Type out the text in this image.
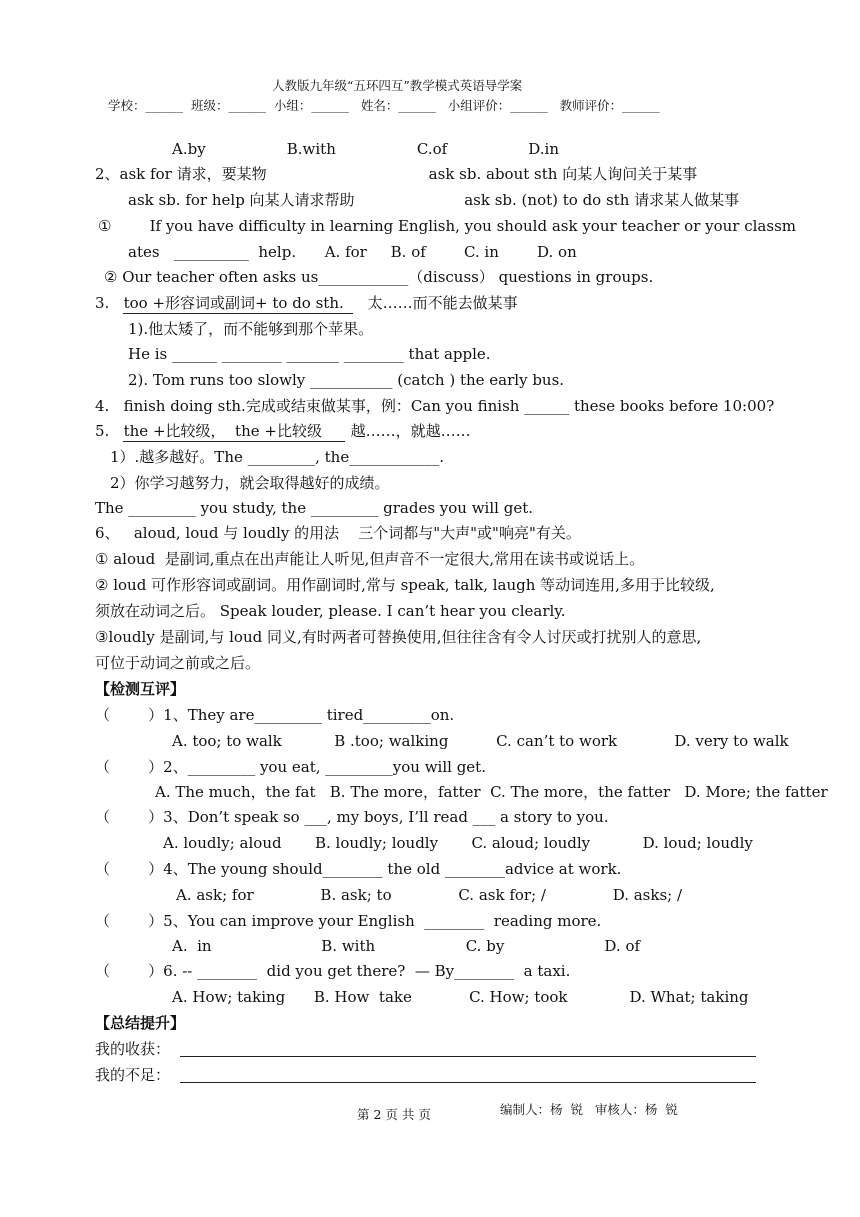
人教版九年级“五环四互”教学模式英语导学案
学校：______  班级：______  小组：______   姓名：______   小组评价：______   教师评价：______
A.by                 B.with                 C.of                 D.in
2、ask for 请求，要某物                                  ask sb. about sth 向某人询问关于某事
ask sb. for help 向某人请求帮助                       ask sb. (not) to do sth 请求某人做某事
①        If you have difficulty in learning English, you should ask your teacher or your classm
ates   __________  help.      A. for     B. of        C. in        D. on
② Our teacher often asks us____________（discuss） questions in groups.
3.   too +形容词或副词+ to do sth.     太……而不能去做某事
1).他太矮了，而不能够到那个苹果。
He is ______ ________ _______ ________ that apple.
2). Tom runs too slowly ___________ (catch ) the early bus.
4.   finish doing sth.完成或结束做某事，例：Can you finish ______ these books before 10:00?
5.   the +比较级，  the +比较级      越……，就越……
1）.越多越好。The _________, the____________.
2）你学习越努力，就会取得越好的成绩。
The _________ you study, the _________ grades you will get.
6、   aloud, loud 与 loudly 的用法    三个词都与"大声"或"响亮"有关。
① aloud  是副词,重点在出声能让人听见,但声音不一定很大,常用在读书或说话上。
② loud 可作形容词或副词。用作副词时,常与 speak, talk, laugh 等动词连用,多用于比较级,
须放在动词之后。 Speak louder, please. I can’t hear you clearly.
③loudly 是副词,与 loud 同义,有时两者可替换使用,但往往含有令人讨厌或打扰别人的意思,
可位于动词之前或之后。
【检测互评】
（        ）1、They are_________ tired_________on.
A. too; to walk           B .too; walking          C. can’t to work            D. very to walk
（        ）2、_________ you eat, _________you will get.
A. The much，the fat   B. The more，fatter  C. The more，the fatter   D. More; the fatter
（        ）3、Don’t speak so ___, my boys, I’ll read ___ a story to you.
A. loudly; aloud       B. loudly; loudly       C. aloud; loudly           D. loud; loudly
（        ）4、The young should________ the old ________advice at work.
A. ask; for              B. ask; to              C. ask for; /              D. asks; /
（        ）5、You can improve your English  ________  reading more.
A.  in                       B. with                   C. by                     D. of
（        ）6. -- ________  did you get there?  — By________  a taxi.
A. How; taking      B. How  take            C. How; took             D. What; taking
【总结提升】
我的收获：
我的不足：
第 2 页 共 页	编制人：杨  锐   审核人：杨  锐
